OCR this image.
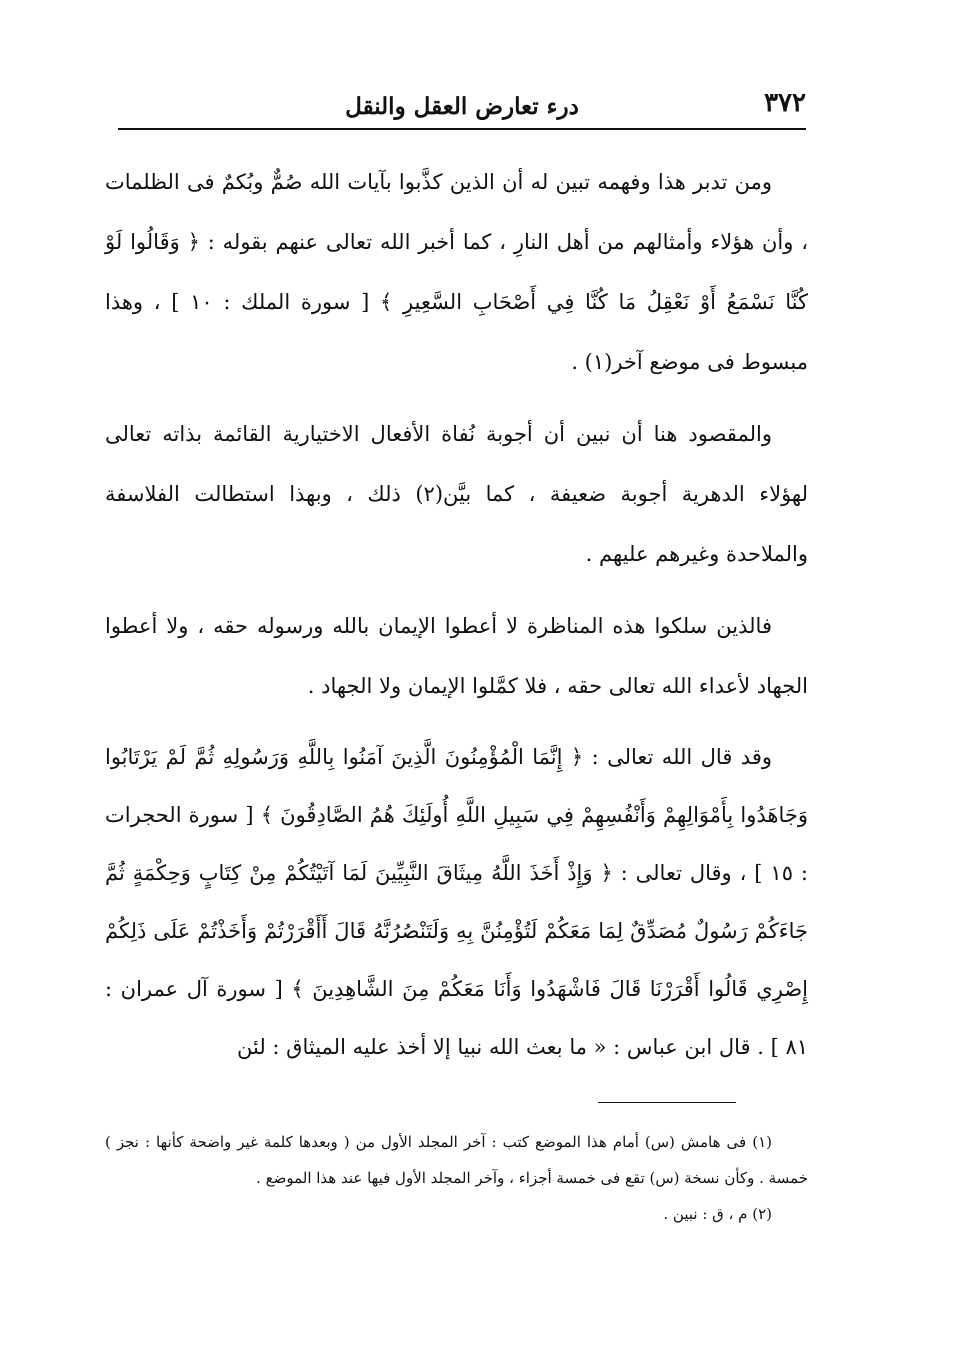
٣٧٢
درء تعارض العقل والنقل

ومن تدبر هذا وفهمه تبين له أن الذين كذَّبوا بآيات الله صُمٌّ وبُكمٌ فى الظلمات ، وأن هؤلاء وأمثالهم من أهل النارِ ، كما أخبر الله تعالى عنهم بقوله : ﴿ وَقَالُوا لَوْ كُنَّا نَسْمَعُ أَوْ نَعْقِلُ مَا كُنَّا فِي أَصْحَابِ السَّعِيرِ ﴾ [ سورة الملك : ١٠ ] ، وهذا مبسوط فى موضع آخر(١) .

والمقصود هنا أن نبين أن أجوبة نُفاة الأفعال الاختيارية القائمة بذاته تعالى لهؤلاء الدهرية أجوبة ضعيفة ، كما بيَّن(٢) ذلك ، وبهذا استطالت الفلاسفة والملاحدة وغيرهم عليهم .

فالذين سلكوا هذه المناظرة لا أعطوا الإيمان بالله ورسوله حقه ، ولا أعطوا الجهاد لأعداء الله تعالى حقه ، فلا كمَّلوا الإيمان ولا الجهاد .

وقد قال الله تعالى : ﴿ إِنَّمَا الْمُؤْمِنُونَ الَّذِينَ آمَنُوا بِاللَّهِ وَرَسُولِهِ ثُمَّ لَمْ يَرْتَابُوا وَجَاهَدُوا بِأَمْوَالِهِمْ وَأَنْفُسِهِمْ فِي سَبِيلِ اللَّهِ أُولَئِكَ هُمُ الصَّادِقُونَ ﴾ [ سورة الحجرات : ١٥ ] ، وقال تعالى : ﴿ وَإِذْ أَخَذَ اللَّهُ مِيثَاقَ النَّبِيِّينَ لَمَا آتَيْتُكُمْ مِنْ كِتَابٍ وَحِكْمَةٍ ثُمَّ جَاءَكُمْ رَسُولٌ مُصَدِّقٌ لِمَا مَعَكُمْ لَتُؤْمِنُنَّ بِهِ وَلَتَنْصُرُنَّهُ قَالَ أَأَقْرَرْتُمْ وَأَخَذْتُمْ عَلَى ذَلِكُمْ إِصْرِي قَالُوا أَقْرَرْنَا قَالَ فَاشْهَدُوا وَأَنَا مَعَكُمْ مِنَ الشَّاهِدِينَ ﴾ [ سورة آل عمران : ٨١ ] . قال ابن عباس : « ما بعث الله نبيا إلا أخذ عليه الميثاق : لئن

(١) فى هامش (س) أمام هذا الموضع كتب : آخر المجلد الأول من ( وبعدها كلمة غير واضحة كأنها : نجز ) خمسة . وكأن نسخة (س) تقع فى خمسة أجزاء ، وآخر المجلد الأول فيها عند هذا الموضع .

(٢) م ، ق : نبين .
